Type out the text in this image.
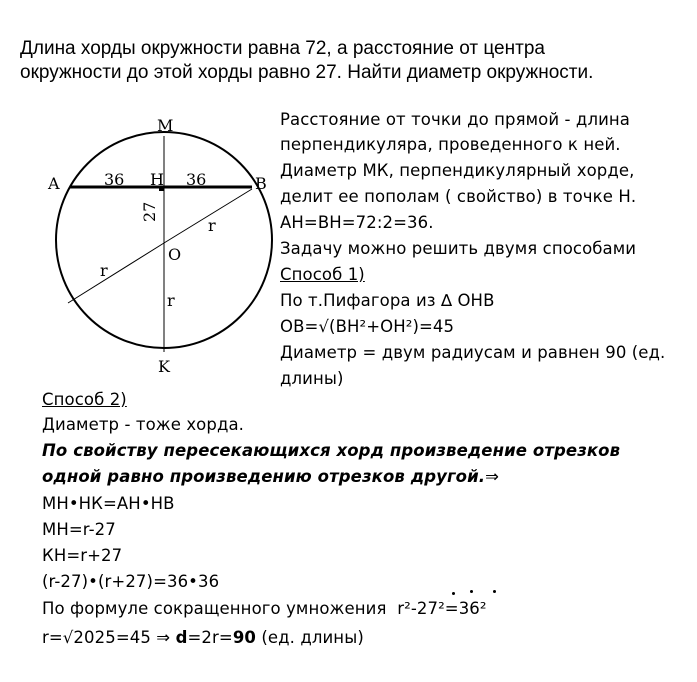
Длина хорды окружности равна 72, а расстояние от центра
окружности до этой хорды равно 27. Найти диаметр окружности.
M
A	H	B
O
K
36	36
27
r
r
r
Расстояние от точки до прямой - длина
перпендикуляра, проведенного к ней.
Диаметр МК, перпендикулярный хорде,
делит ее пополам ( свойство) в точке Н.
АН=ВН=72:2=36.
Задачу можно решить двумя способами
Способ 1)
По т.Пифагора из ∆ ОНВ
ОВ=√(ВН²+ОН²)=45
Диаметр = двум радиусам и равнен 90 (ед.
длины)
Способ 2)
Диаметр - тоже хорда.
По свойству пересекающихся хорд произведение отрезков
одной равно произведению отрезков другой.⇒
МН•НК=АН•НВ
МН=r-27
КН=r+27
(r-27)•(r+27)=36•36
По формуле сокращенного умножения r²-27²=36²
r=√2025=45 ⇒ d=2r=90 (ед. длины)
